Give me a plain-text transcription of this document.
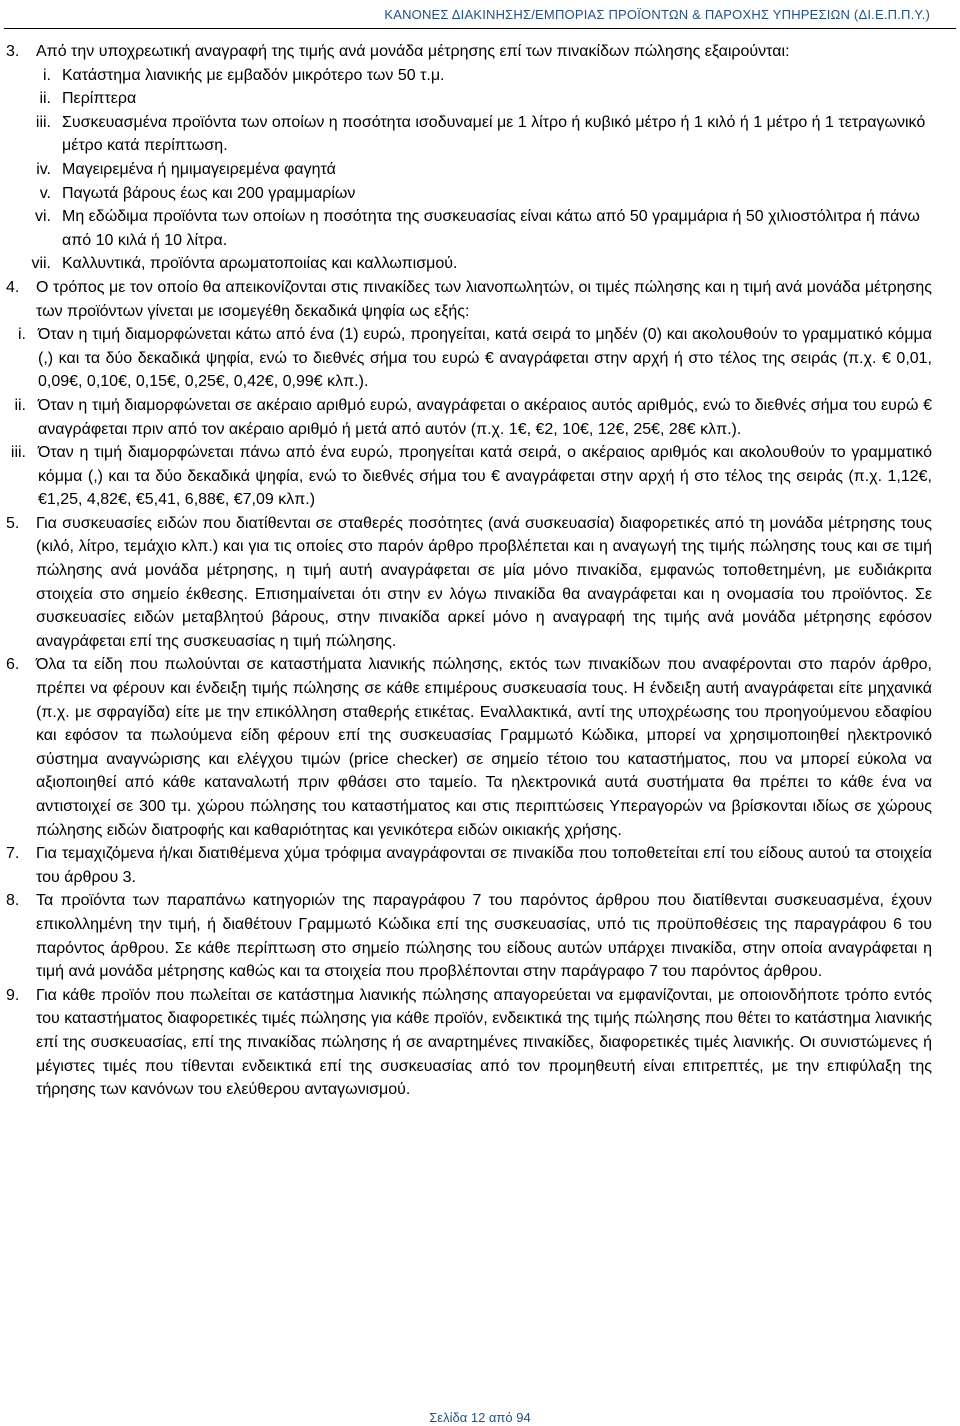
ΚΑΝΟΝΕΣ ΔΙΑΚΙΝΗΣΗΣ/ΕΜΠΟΡΙΑΣ ΠΡΟΪΟΝΤΩΝ & ΠΑΡΟΧΗΣ ΥΠΗΡΕΣΙΩΝ (ΔΙ.Ε.Π.Π.Υ.)
3.	Από την υποχρεωτική αναγραφή της τιμής ανά μονάδα μέτρησης επί των πινακίδων πώλησης εξαιρούνται:
i. Κατάστημα λιανικής με εμβαδόν μικρότερο των 50 τ.μ.
ii. Περίπτερα
iii. Συσκευασμένα προϊόντα των οποίων η ποσότητα ισοδυναμεί με 1 λίτρο ή κυβικό μέτρο ή 1 κιλό ή 1 μέτρο ή 1 τετραγωνικό μέτρο κατά περίπτωση.
iv. Μαγειρεμένα ή ημιμαγειρεμένα φαγητά
v. Παγωτά βάρους έως και 200 γραμμαρίων
vi. Μη εδώδιμα προϊόντα των οποίων η ποσότητα της συσκευασίας είναι κάτω από 50 γραμμάρια ή 50 χιλιοστόλιτρα ή πάνω από 10 κιλά ή 10 λίτρα.
vii. Καλλυντικά, προϊόντα αρωματοποιίας και καλλωπισμού.
4.	Ο τρόπος με τον οποίο θα απεικονίζονται στις πινακίδες των λιανοπωλητών, οι τιμές πώλησης και η τιμή ανά μονάδα μέτρησης των προϊόντων γίνεται με ισομεγέθη δεκαδικά ψηφία ως εξής:
i. Όταν η τιμή διαμορφώνεται κάτω από ένα (1) ευρώ, προηγείται, κατά σειρά το μηδέν (0) και ακολουθούν το γραμματικό κόμμα (,) και τα δύο δεκαδικά ψηφία, ενώ το διεθνές σήμα του ευρώ € αναγράφεται στην αρχή ή στο τέλος της σειράς (π.χ. € 0,01, 0,09€, 0,10€, 0,15€, 0,25€, 0,42€, 0,99€ κλπ.).
ii. Όταν η τιμή διαμορφώνεται σε ακέραιο αριθμό ευρώ, αναγράφεται ο ακέραιος αυτός αριθμός, ενώ το διεθνές σήμα του ευρώ € αναγράφεται πριν από τον ακέραιο αριθμό ή μετά από αυτόν (π.χ. 1€, €2, 10€, 12€, 25€, 28€ κλπ.).
iii. Όταν η τιμή διαμορφώνεται πάνω από ένα ευρώ, προηγείται κατά σειρά, ο ακέραιος αριθμός και ακολουθούν το γραμματικό κόμμα (,) και τα δύο δεκαδικά ψηφία, ενώ το διεθνές σήμα του € αναγράφεται στην αρχή ή στο τέλος της σειράς (π.χ. 1,12€, €1,25, 4,82€, €5,41, 6,88€, €7,09 κλπ.)
5.	Για συσκευασίες ειδών που διατίθενται σε σταθερές ποσότητες (ανά συσκευασία) διαφορετικές από τη μονάδα μέτρησης τους (κιλό, λίτρο, τεμάχιο κλπ.) και για τις οποίες στο παρόν άρθρο προβλέπεται και η αναγωγή της τιμής πώλησης τους και σε τιμή πώλησης ανά μονάδα μέτρησης, η τιμή αυτή αναγράφεται σε μία μόνο πινακίδα, εμφανώς τοποθετημένη, με ευδιάκριτα στοιχεία στο σημείο έκθεσης. Επισημαίνεται ότι στην εν λόγω πινακίδα θα αναγράφεται και η ονομασία του προϊόντος. Σε συσκευασίες ειδών μεταβλητού βάρους, στην πινακίδα αρκεί μόνο η αναγραφή της τιμής ανά μονάδα μέτρησης εφόσον αναγράφεται επί της συσκευασίας η τιμή πώλησης.
6.	Όλα τα είδη που πωλούνται σε καταστήματα λιανικής πώλησης, εκτός των πινακίδων που αναφέρονται στο παρόν άρθρο, πρέπει να φέρουν και ένδειξη τιμής πώλησης σε κάθε επιμέρους συσκευασία τους. Η ένδειξη αυτή αναγράφεται είτε μηχανικά (π.χ. με σφραγίδα) είτε με την επικόλληση σταθερής ετικέτας. Εναλλακτικά, αντί της υποχρέωσης του προηγούμενου εδαφίου και εφόσον τα πωλούμενα είδη φέρουν επί της συσκευασίας Γραμμωτό Κώδικα, μπορεί να χρησιμοποιηθεί ηλεκτρονικό σύστημα αναγνώρισης και ελέγχου τιμών (price checker) σε σημείο τέτοιο του καταστήματος, που να μπορεί εύκολα να αξιοποιηθεί από κάθε καταναλωτή πριν φθάσει στο ταμείο. Τα ηλεκτρονικά αυτά συστήματα θα πρέπει το κάθε ένα να αντιστοιχεί σε 300 τμ. χώρου πώλησης του καταστήματος και στις περιπτώσεις Υπεραγορών να βρίσκονται ιδίως σε χώρους πώλησης ειδών διατροφής και καθαριότητας και γενικότερα ειδών οικιακής χρήσης.
7.	Για τεμαχιζόμενα ή/και διατιθέμενα χύμα τρόφιμα αναγράφονται σε πινακίδα που τοποθετείται επί του είδους αυτού τα στοιχεία του άρθρου 3.
8.	Τα προϊόντα των παραπάνω κατηγοριών της παραγράφου 7 του παρόντος άρθρου που διατίθενται συσκευασμένα, έχουν επικολλημένη την τιμή, ή διαθέτουν Γραμμωτό Κώδικα επί της συσκευασίας, υπό τις προϋποθέσεις της παραγράφου 6 του παρόντος άρθρου. Σε κάθε περίπτωση στο σημείο πώλησης του είδους αυτών υπάρχει πινακίδα, στην οποία αναγράφεται η τιμή ανά μονάδα μέτρησης καθώς και τα στοιχεία που προβλέπονται στην παράγραφο 7 του παρόντος άρθρου.
9.	Για κάθε προϊόν που πωλείται σε κατάστημα λιανικής πώλησης απαγορεύεται να εμφανίζονται, με οποιονδήποτε τρόπο εντός του καταστήματος διαφορετικές τιμές πώλησης για κάθε προϊόν, ενδεικτικά της τιμής πώλησης που θέτει το κατάστημα λιανικής επί της συσκευασίας, επί της πινακίδας πώλησης ή σε αναρτημένες πινακίδες, διαφορετικές τιμές λιανικής. Οι συνιστώμενες ή μέγιστες τιμές που τίθενται ενδεικτικά επί της συσκευασίας από τον προμηθευτή είναι επιτρεπτές, με την επιφύλαξη της τήρησης των κανόνων του ελεύθερου ανταγωνισμού.
Σελίδα 12 από 94
